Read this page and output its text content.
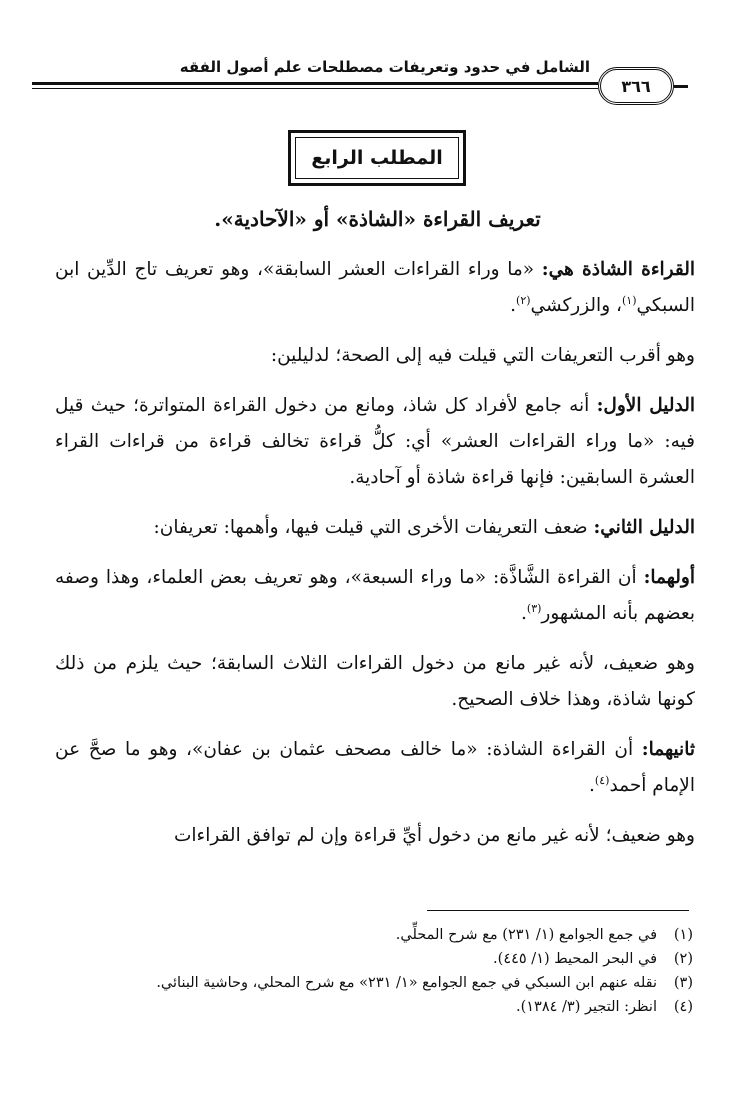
الشامل في حدود وتعريفات مصطلحات علم أصول الفقه
٣٦٦
المطلب الرابع
تعريف القراءة «الشاذة» أو «الآحادية».

القراءة الشاذة هي: «ما وراء القراءات العشر السابقة»، وهو تعريف تاج الدِّين ابن السبكي$^{(١)}$، والزركشي$^{(٢)}$.

وهو أقرب التعريفات التي قيلت فيه إلى الصحة؛ لدليلين:

الدليل الأول: أنه جامع لأفراد كل شاذ، ومانع من دخول القراءة المتواترة؛ حيث قيل فيه: «ما وراء القراءات العشر» أي: كلُّ قراءة تخالف قراءة من قراءات القراء العشرة السابقين: فإنها قراءة شاذة أو آحادية.

الدليل الثاني: ضعف التعريفات الأخرى التي قيلت فيها، وأهمها: تعريفان:

أولهما: أن القراءة الشَّاذَّة: «ما وراء السبعة»، وهو تعريف بعض العلماء، وهذا وصفه بعضهم بأنه المشهور$^{(٣)}$.

وهو ضعيف، لأنه غير مانع من دخول القراءات الثلاث السابقة؛ حيث يلزم من ذلك كونها شاذة، وهذا خلاف الصحيح.

ثانيهما: أن القراءة الشاذة: «ما خالف مصحف عثمان بن عفان»، وهو ما صحَّ عن الإمام أحمد$^{(٤)}$.

وهو ضعيف؛ لأنه غير مانع من دخول أيِّ قراءة وإن لم توافق القراءات

(١)
في جمع الجوامع (١/ ٢٣١) مع شرح المحلِّي.
(٢)
في البحر المحيط (١/ ٤٤٥).
(٣)
نقله عنهم ابن السبكي في جمع الجوامع «١/ ٢٣١» مع شرح المحلي، وحاشية البنائي.
(٤)
انظر: التجير (٣/ ١٣٨٤).
